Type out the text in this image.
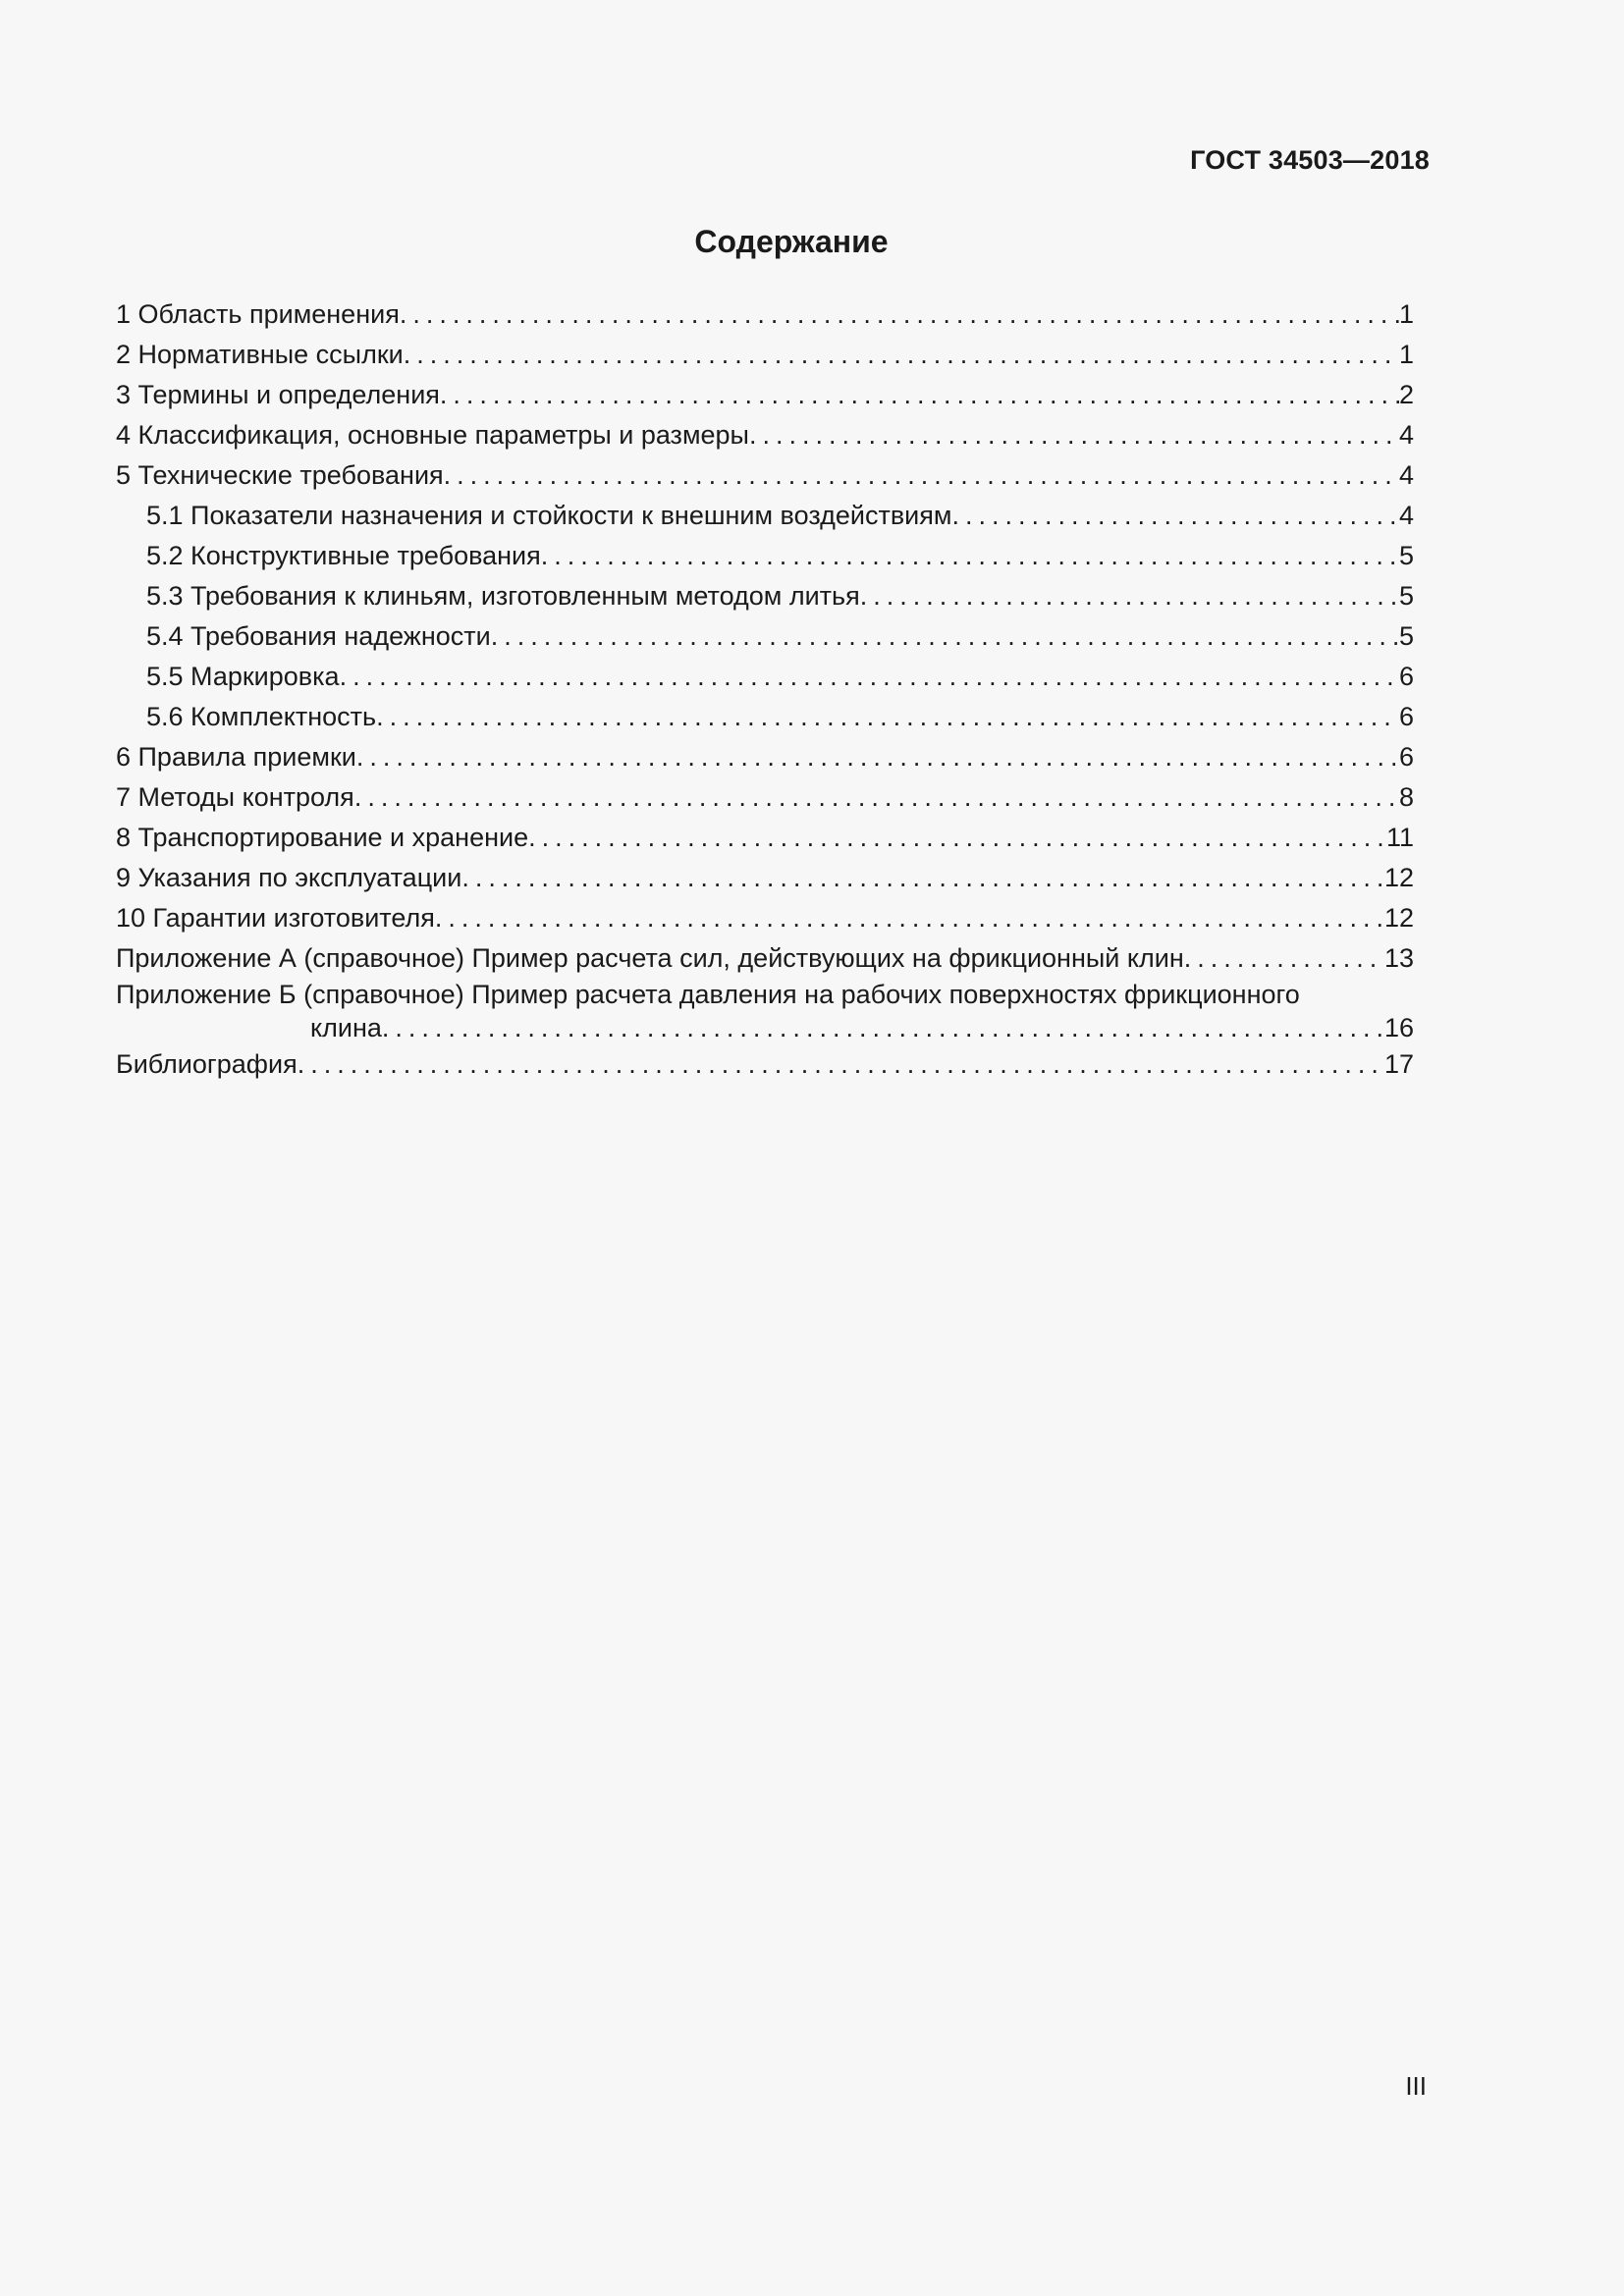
ГОСТ 34503—2018
Содержание
1 Область применения .....	1
2 Нормативные ссылки .....	1
3 Термины и определения .....	2
4 Классификация, основные параметры и размеры .....	4
5 Технические требования .....	4
5.1 Показатели назначения и стойкости к внешним воздействиям .....	4
5.2 Конструктивные требования .....	5
5.3 Требования к клиньям, изготовленным методом литья .....	5
5.4 Требования надежности .....	5
5.5 Маркировка .....	6
5.6 Комплектность .....	6
6 Правила приемки .....	6
7 Методы контроля .....	8
8 Транспортирование и хранение .....	11
9 Указания по эксплуатации .....	12
10 Гарантии изготовителя .....	12
Приложение А (справочное) Пример расчета сил, действующих на фрикционный клин .....	13
Приложение Б (справочное) Пример расчета давления на рабочих поверхностях фрикционного
клина .....	16
Библиография .....	17
III
